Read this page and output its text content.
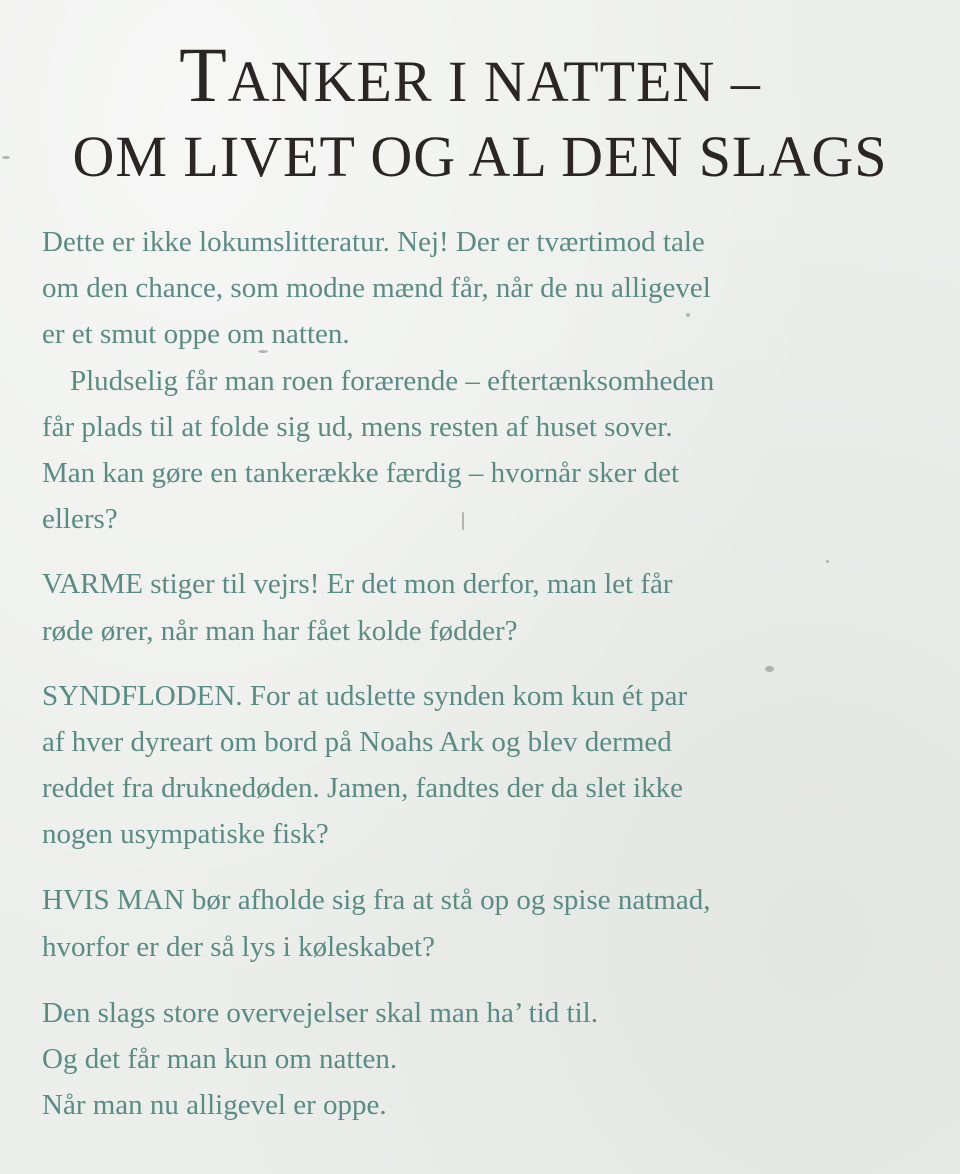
TANKER I NATTEN –
OM LIVET OG AL DEN SLAGS
Dette er ikke lokumslitteratur. Nej! Der er tværtimod tale
om den chance, som modne mænd får, når de nu alligevel
er et smut oppe om natten.
Pludselig får man roen forærende – eftertænksomheden
får plads til at folde sig ud, mens resten af huset sover.
Man kan gøre en tankerække færdig – hvornår sker det
ellers?
VARME stiger til vejrs! Er det mon derfor, man let får
røde ører, når man har fået kolde fødder?
SYNDFLODEN. For at udslette synden kom kun ét par
af hver dyreart om bord på Noahs Ark og blev dermed
reddet fra druknedøden. Jamen, fandtes der da slet ikke
nogen usympatiske fisk?
HVIS MAN bør afholde sig fra at stå op og spise natmad,
hvorfor er der så lys i køleskabet?
Den slags store overvejelser skal man ha’ tid til.
Og det får man kun om natten.
Når man nu alligevel er oppe.
